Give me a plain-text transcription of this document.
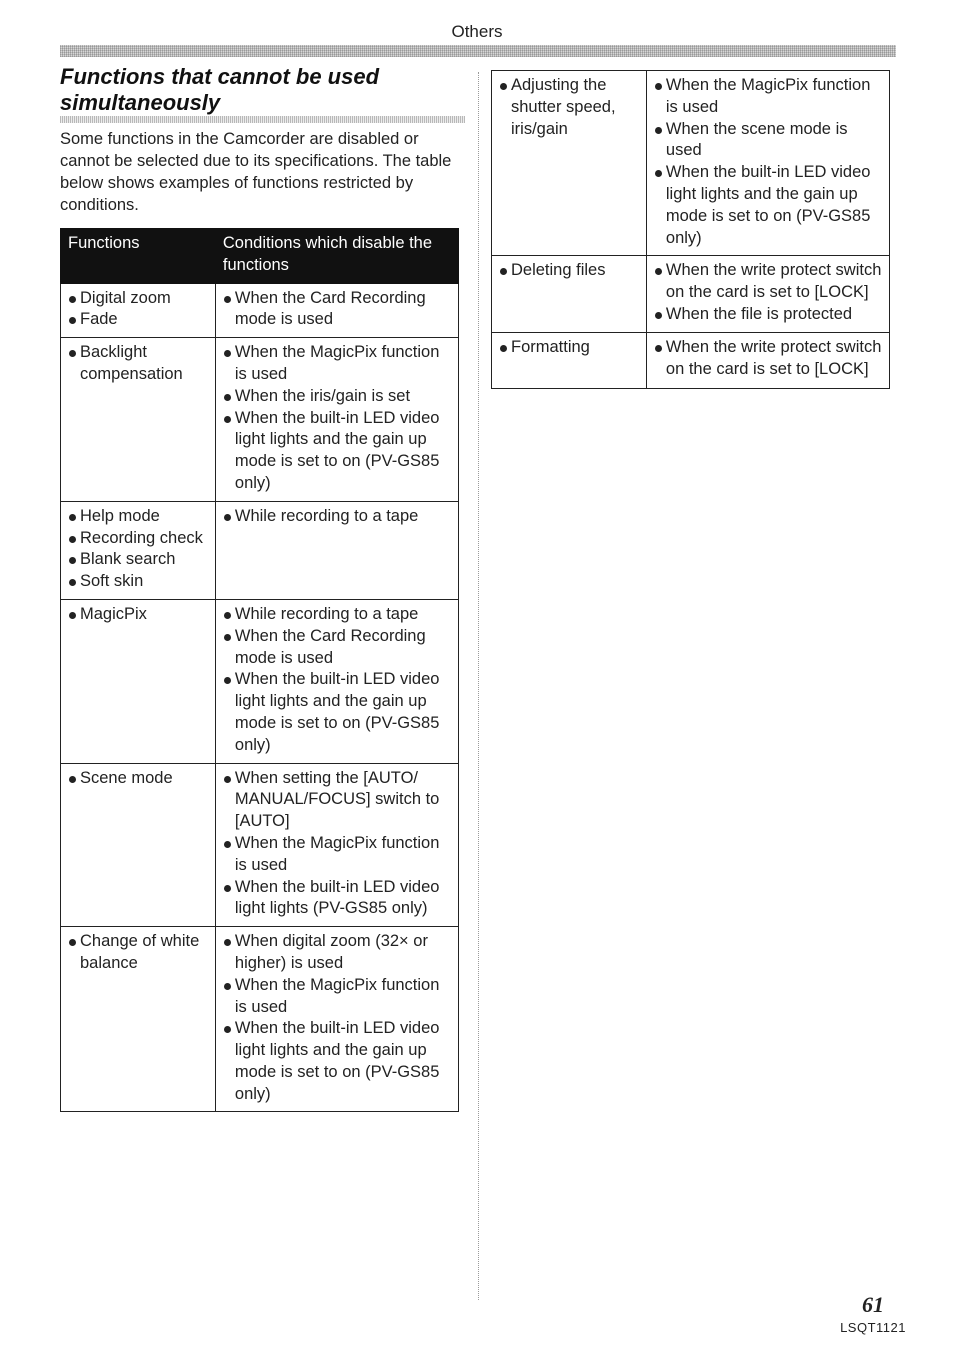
Others
Functions that cannot be used simultaneously
Some functions in the Camcorder are disabled or cannot be selected due to its specifications. The table below shows examples of functions restricted by conditions.
Functions	Conditions which disable the functions

Digital zoom
Fade	When the Card Recording mode is used

Backlight compensation	When the MagicPix function is used
When the iris/gain is set
When the built-in LED video light lights and the gain up mode is set to on (PV-GS85 only)

Help mode
Recording check
Blank search
Soft skin	While recording to a tape

MagicPix	While recording to a tape
When the Card Recording mode is used
When the built-in LED video light lights and the gain up mode is set to on (PV-GS85 only)

Scene mode	When setting the [AUTO/ MANUAL/FOCUS] switch to [AUTO]
When the MagicPix function is used
When the built-in LED video light lights (PV-GS85 only)

Change of white balance	When digital zoom (32× or higher) is used
When the MagicPix function is used
When the built-in LED video light lights and the gain up mode is set to on (PV-GS85 only)
Adjusting the shutter speed, iris/gain	When the MagicPix function is used
When the scene mode is used
When the built-in LED video light lights and the gain up mode is set to on (PV-GS85 only)

Deleting files	When the write protect switch on the card is set to [LOCK]
When the file is protected

Formatting	When the write protect switch on the card is set to [LOCK]
61
LSQT1121
